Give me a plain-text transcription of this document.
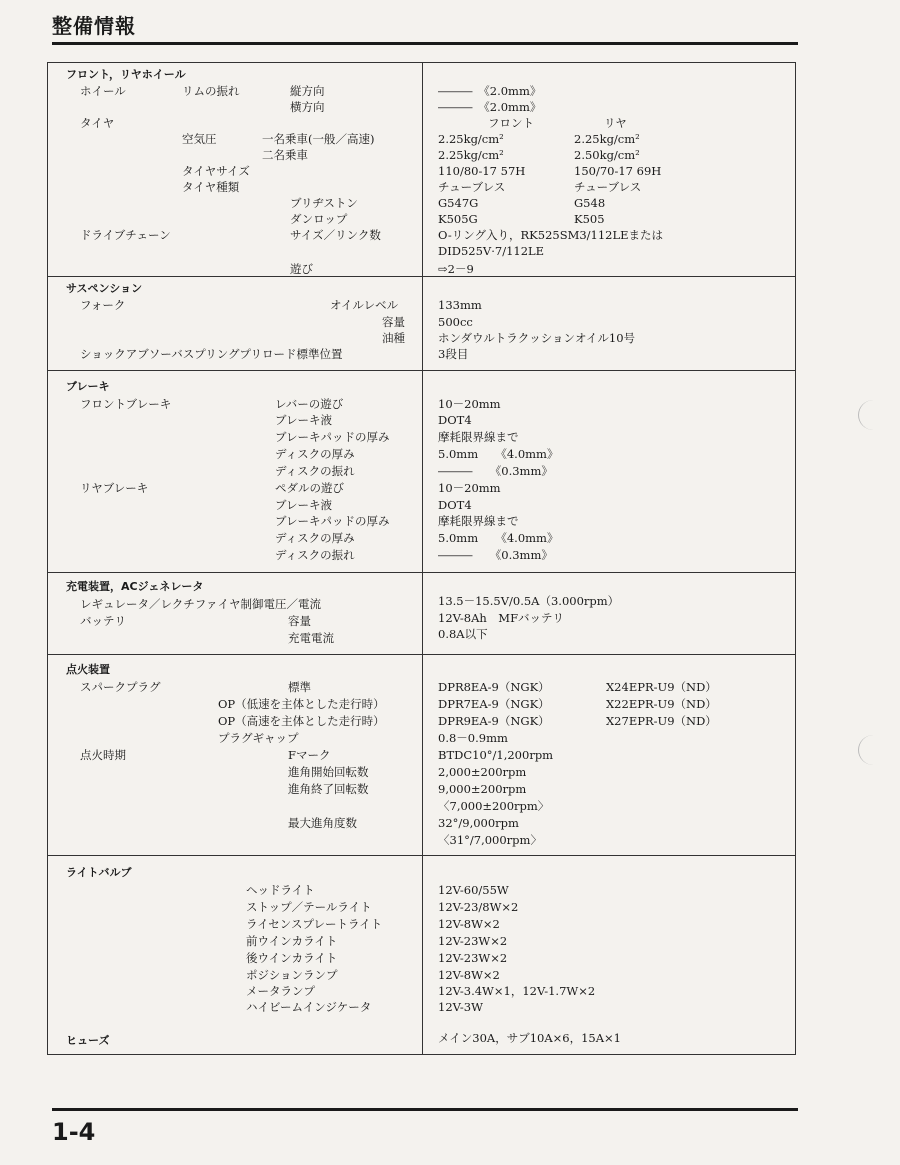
整備情報
フロント，リヤホイール
ホイール	リムの振れ	縦方向	―――　《2.0mm》
横方向	―――　《2.0mm》
タイヤ	フロント	リヤ
空気圧	一名乗車(一般／高速)	2.25kg/cm²	2.25kg/cm²
二名乗車	2.25kg/cm²	2.50kg/cm²
タイヤサイズ	110/80-17 57H	150/70-17 69H
タイヤ種類	チューブレス	チューブレス
ブリヂストン	G547G	G548
ダンロップ	K505G	K505
ドライブチェーン	サイズ／リンク数	O-リング入り，RK525SM3/112LEまたは
DID525V·7/112LE
遊び	⇨2－9
サスペンション
フォーク	オイルレベル	133mm
容量	500cc
油種	ホンダウルトラクッションオイル10号
ショックアブソーバスプリングプリロード標準位置	3段目
ブレーキ
フロントブレーキ	レバーの遊び	10－20mm
ブレーキ液	DOT4
ブレーキパッドの厚み	摩耗限界線まで
ディスクの厚み	5.0mm　　《4.0mm》
ディスクの振れ	―――　　《0.3mm》
リヤブレーキ	ペダルの遊び	10－20mm
ブレーキ液	DOT4
ブレーキパッドの厚み	摩耗限界線まで
ディスクの厚み	5.0mm　　《4.0mm》
ディスクの振れ	―――　　《0.3mm》
充電装置，ACジェネレータ
レギュレータ／レクチファイヤ制御電圧／電流	13.5－15.5V/0.5A（3.000rpm）
バッテリ	容量	12V-8Ah　MFバッテリ
充電電流	0.8A以下
点火装置
スパークプラグ	標準	DPR8EA-9（NGK）	X24EPR-U9（ND）
OP（低速を主体とした走行時）	DPR7EA-9（NGK）	X22EPR-U9（ND）
OP（高速を主体とした走行時）	DPR9EA-9（NGK）	X27EPR-U9（ND）
プラグギャップ	0.8－0.9mm
点火時期	Fマーク	BTDC10°/1,200rpm
進角開始回転数	2,000±200rpm
進角終了回転数	9,000±200rpm
〈7,000±200rpm〉
最大進角度数	32°/9,000rpm
〈31°/7,000rpm〉
ライトバルブ
ヘッドライト	12V-60/55W
ストップ／テールライト	12V-23/8W×2
ライセンスプレートライト	12V-8W×2
前ウインカライト	12V-23W×2
後ウインカライト	12V-23W×2
ポジションランプ	12V-8W×2
メータランプ	12V-3.4W×1，12V-1.7W×2
ハイビームインジケータ	12V-3W
ヒューズ	メイン30A，サブ10A×6，15A×1
1-4
